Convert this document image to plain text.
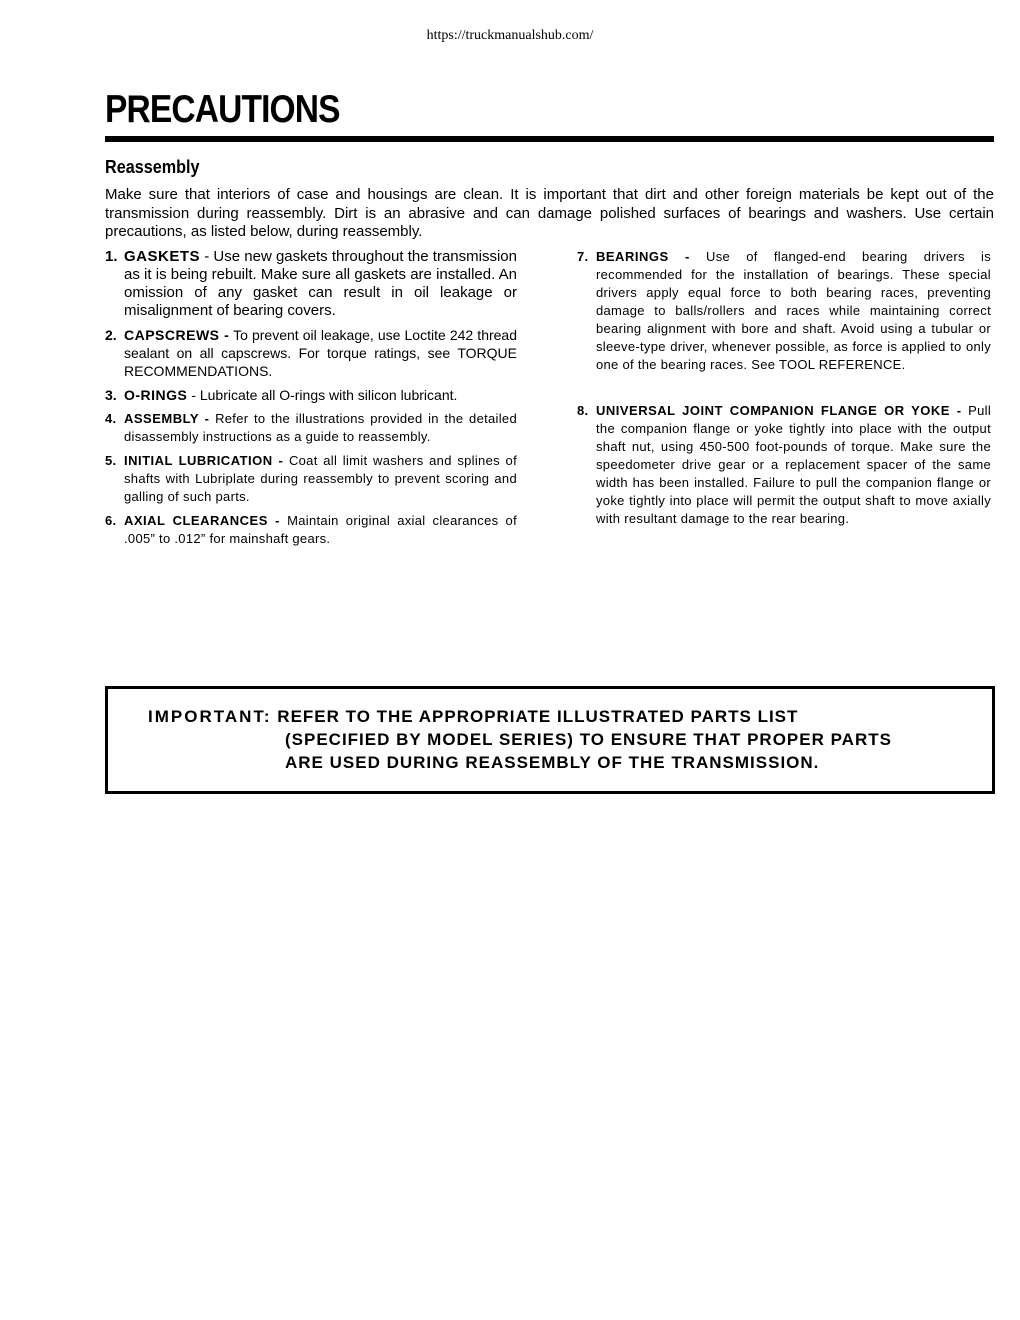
https://truckmanualshub.com/
PRECAUTIONS
Reassembly
Make sure that interiors of case and housings are clean. It is important that dirt and other foreign materials be kept out of the transmission during reassembly. Dirt is an abrasive and can damage polished surfaces of bearings and washers. Use certain precautions, as listed below, during reassembly.
1. GASKETS - Use new gaskets throughout the transmission as it is being rebuilt. Make sure all gaskets are installed. An omission of any gasket can result in oil leakage or misalignment of bearing covers.
2. CAPSCREWS - To prevent oil leakage, use Loctite 242 thread sealant on all capscrews. For torque ratings, see TORQUE RECOMMENDATIONS.
3. O-RINGS - Lubricate all O-rings with silicon lubricant.
4. ASSEMBLY - Refer to the illustrations provided in the detailed disassembly instructions as a guide to reassembly.
5. INITIAL LUBRICATION - Coat all limit washers and splines of shafts with Lubriplate during reassembly to prevent scoring and galling of such parts.
6. AXIAL CLEARANCES - Maintain original axial clearances of .005” to .012” for mainshaft gears.
7. BEARINGS - Use of flanged-end bearing drivers is recommended for the installation of bearings. These special drivers apply equal force to both bearing races, preventing damage to balls/rollers and races while maintaining correct bearing alignment with bore and shaft. Avoid using a tubular or sleeve-type driver, whenever possible, as force is applied to only one of the bearing races. See TOOL REFERENCE.
8. UNIVERSAL JOINT COMPANION FLANGE OR YOKE - Pull the companion flange or yoke tightly into place with the output shaft nut, using 450-500 foot-pounds of torque. Make sure the speedometer drive gear or a replacement spacer of the same width has been installed. Failure to pull the companion flange or yoke tightly into place will permit the output shaft to move axially with resultant damage to the rear bearing.
IMPORTANT: REFER TO THE APPROPRIATE ILLUSTRATED PARTS LIST
(SPECIFIED BY MODEL SERIES) TO ENSURE THAT PROPER PARTS
ARE USED DURING REASSEMBLY OF THE TRANSMISSION.
